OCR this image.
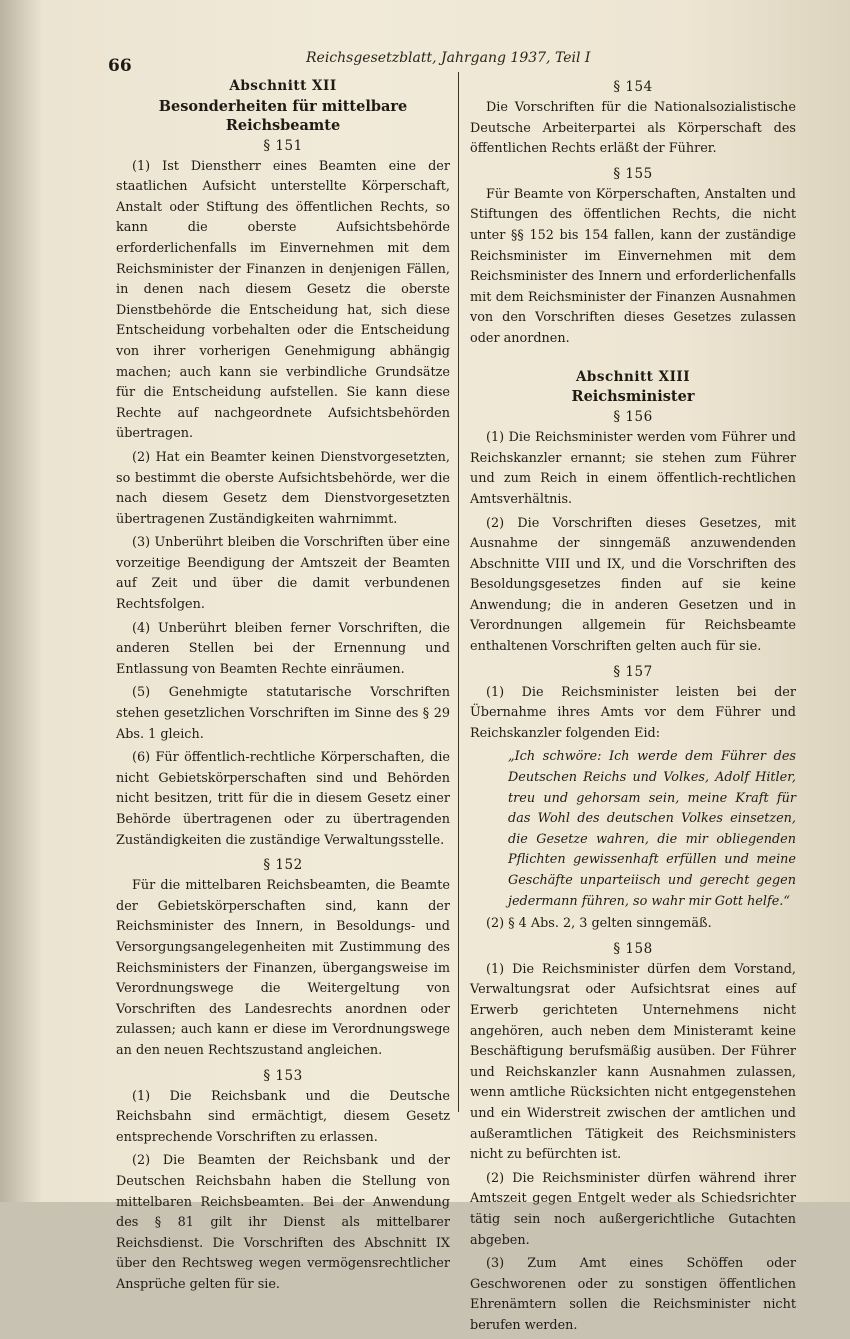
66	Reichsgesetzblatt, Jahrgang 1937, Teil I
Abschnitt XII
Besonderheiten für mittelbare
Reichsbeamte
§ 151

(1) Ist Dienstherr eines Beamten eine der staatlichen Aufsicht unterstellte Körperschaft, Anstalt oder Stiftung des öffentlichen Rechts, so kann die oberste Aufsichtsbehörde erforderlichenfalls im Einvernehmen mit dem Reichsminister der Finanzen in denjenigen Fällen, in denen nach diesem Gesetz die oberste Dienstbehörde die Entscheidung hat, sich diese Entscheidung vorbehalten oder die Entscheidung von ihrer vorherigen Genehmigung abhängig machen; auch kann sie verbindliche Grundsätze für die Entscheidung aufstellen. Sie kann diese Rechte auf nachgeordnete Aufsichtsbehörden übertragen.

(2) Hat ein Beamter keinen Dienstvorgesetzten, so bestimmt die oberste Aufsichtsbehörde, wer die nach diesem Gesetz dem Dienstvorgesetzten übertragenen Zuständigkeiten wahrnimmt.

(3) Unberührt bleiben die Vorschriften über eine vorzeitige Beendigung der Amtszeit der Beamten auf Zeit und über die damit verbundenen Rechtsfolgen.

(4) Unberührt bleiben ferner Vorschriften, die anderen Stellen bei der Ernennung und Entlassung von Beamten Rechte einräumen.

(5) Genehmigte statutarische Vorschriften stehen gesetzlichen Vorschriften im Sinne des § 29 Abs. 1 gleich.

(6) Für öffentlich-rechtliche Körperschaften, die nicht Gebietskörperschaften sind und Behörden nicht besitzen, tritt für die in diesem Gesetz einer Behörde übertragenen oder zu übertragenden Zuständigkeiten die zuständige Verwaltungsstelle.

§ 152

Für die mittelbaren Reichsbeamten, die Beamte der Gebietskörperschaften sind, kann der Reichsminister des Innern, in Besoldungs- und Versorgungsangelegenheiten mit Zustimmung des Reichsministers der Finanzen, übergangsweise im Verordnungswege die Weitergeltung von Vorschriften des Landesrechts anordnen oder zulassen; auch kann er diese im Verordnungswege an den neuen Rechtszustand angleichen.

§ 153

(1) Die Reichsbank und die Deutsche Reichsbahn sind ermächtigt, diesem Gesetz entsprechende Vorschriften zu erlassen.

(2) Die Beamten der Reichsbank und der Deutschen Reichsbahn haben die Stellung von mittelbaren Reichsbeamten. Bei der Anwendung des § 81 gilt ihr Dienst als mittelbarer Reichsdienst. Die Vorschriften des Abschnitt IX über den Rechtsweg wegen vermögensrechtlicher Ansprüche gelten für sie.

§ 154

Die Vorschriften für die Nationalsozialistische Deutsche Arbeiterpartei als Körperschaft des öffentlichen Rechts erläßt der Führer.

§ 155

Für Beamte von Körperschaften, Anstalten und Stiftungen des öffentlichen Rechts, die nicht unter §§ 152 bis 154 fallen, kann der zuständige Reichsminister im Einvernehmen mit dem Reichsminister des Innern und erforderlichenfalls mit dem Reichsminister der Finanzen Ausnahmen von den Vorschriften dieses Gesetzes zulassen oder anordnen.

Abschnitt XIII
Reichsminister
§ 156

(1) Die Reichsminister werden vom Führer und Reichskanzler ernannt; sie stehen zum Führer und zum Reich in einem öffentlich-rechtlichen Amtsverhältnis.

(2) Die Vorschriften dieses Gesetzes, mit Ausnahme der sinngemäß anzuwendenden Abschnitte VIII und IX, und die Vorschriften des Besoldungsgesetzes finden auf sie keine Anwendung; die in anderen Gesetzen und in Verordnungen allgemein für Reichsbeamte enthaltenen Vorschriften gelten auch für sie.

§ 157

(1) Die Reichsminister leisten bei der Übernahme ihres Amts vor dem Führer und Reichskanzler folgenden Eid:

„Ich schwöre: Ich werde dem Führer des Deutschen Reichs und Volkes, Adolf Hitler, treu und gehorsam sein, meine Kraft für das Wohl des deutschen Volkes einsetzen, die Gesetze wahren, die mir obliegenden Pflichten gewissenhaft erfüllen und meine Geschäfte unparteiisch und gerecht gegen jedermann führen, so wahr mir Gott helfe.“

(2) § 4 Abs. 2, 3 gelten sinngemäß.

§ 158

(1) Die Reichsminister dürfen dem Vorstand, Verwaltungsrat oder Aufsichtsrat eines auf Erwerb gerichteten Unternehmens nicht angehören, auch neben dem Ministeramt keine Beschäftigung berufsmäßig ausüben. Der Führer und Reichskanzler kann Ausnahmen zulassen, wenn amtliche Rücksichten nicht entgegenstehen und ein Widerstreit zwischen der amtlichen und außeramtlichen Tätigkeit des Reichsministers nicht zu befürchten ist.

(2) Die Reichsminister dürfen während ihrer Amtszeit gegen Entgelt weder als Schiedsrichter tätig sein noch außergerichtliche Gutachten abgeben.

(3) Zum Amt eines Schöffen oder Geschworenen oder zu sonstigen öffentlichen Ehrenämtern sollen die Reichsminister nicht berufen werden.
